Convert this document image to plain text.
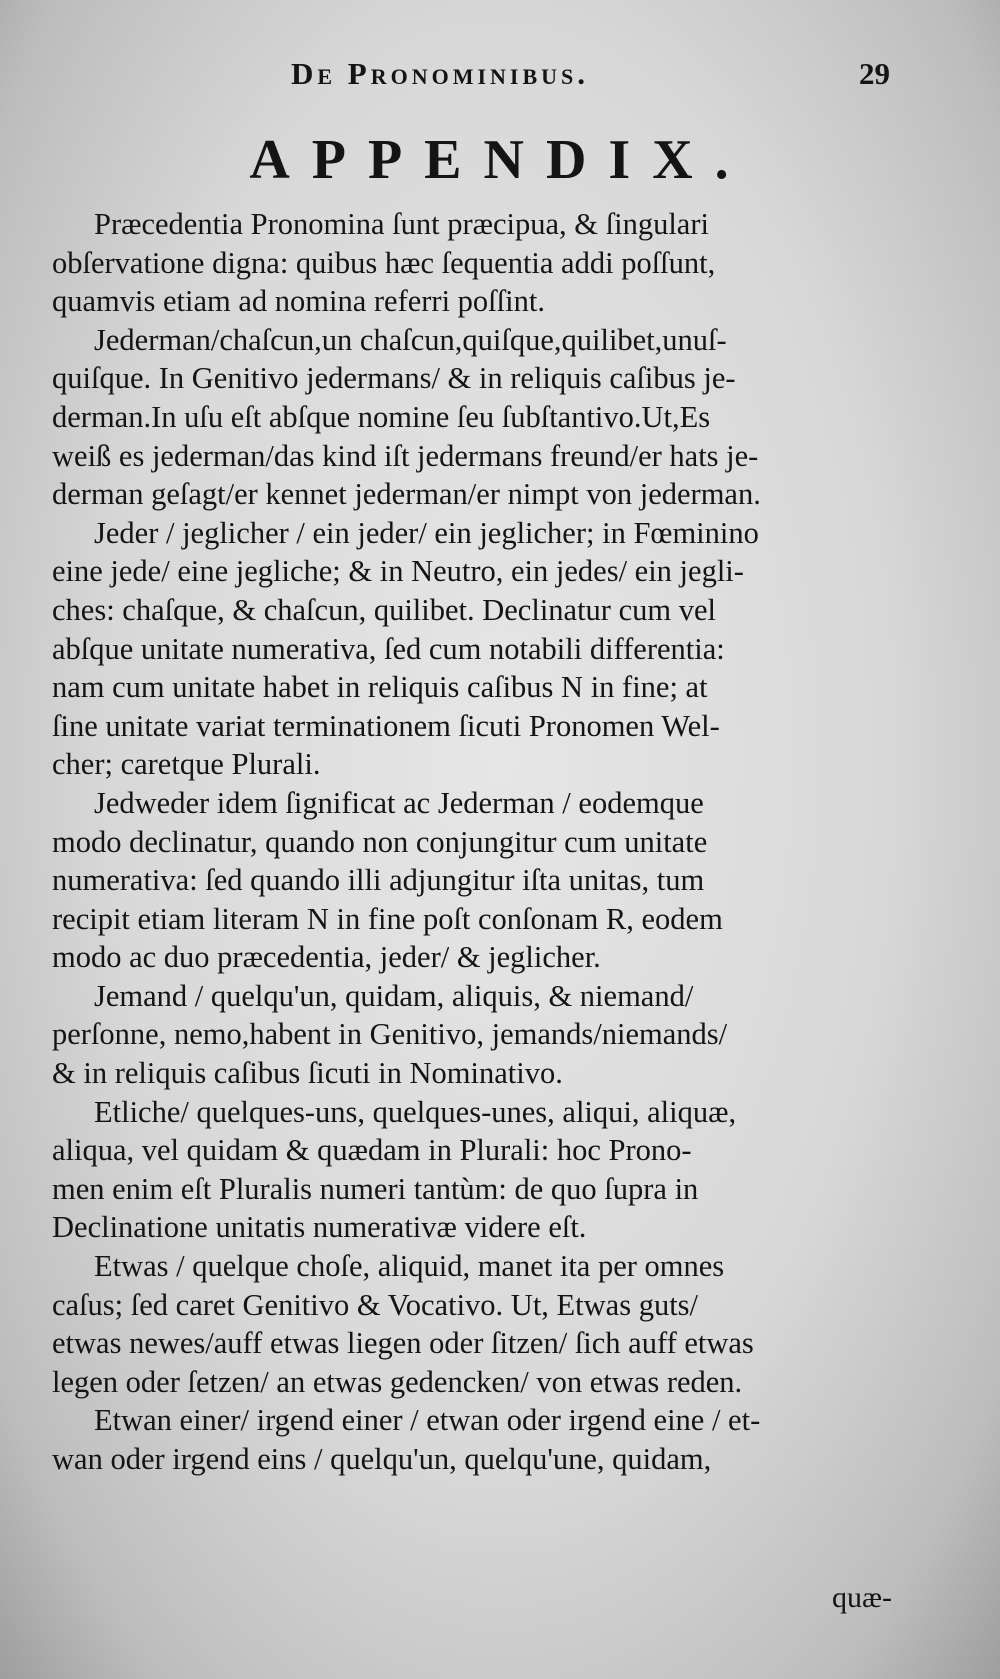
De Pronominibus.	29
APPENDIX.
Præcedentia Pronomina ſunt præcipua, & ſingulari
obſervatione digna: quibus hæc ſequentia addi poſſunt,
quamvis etiam ad nomina referri poſſint.
Jederman/chaſcun,un chaſcun,quiſque,quilibet,unuſ-
quiſque. In Genitivo jedermans/ & in reliquis caſibus je-
derman.In uſu eſt abſque nomine ſeu ſubſtantivo.Ut,Es
weiß es jederman/das kind iſt jedermans freund/er hats je-
derman geſagt/er kennet jederman/er nimpt von jederman.
Jeder / jeglicher / ein jeder/ ein jeglicher; in Fœminino
eine jede/ eine jegliche; & in Neutro, ein jedes/ ein jegli-
ches: chaſque, & chaſcun, quilibet. Declinatur cum vel
abſque unitate numerativa, ſed cum notabili differentia:
nam cum unitate habet in reliquis caſibus N in fine; at
ſine unitate variat terminationem ſicuti Pronomen Wel-
cher; caretque Plurali.
Jedweder idem ſignificat ac Jederman / eodemque
modo declinatur, quando non conjungitur cum unitate
numerativa: ſed quando illi adjungitur iſta unitas, tum
recipit etiam literam N in fine poſt conſonam R, eodem
modo ac duo præcedentia, jeder/ & jeglicher.
Jemand / quelqu'un, quidam, aliquis, & niemand/
perſonne, nemo,habent in Genitivo, jemands/niemands/
& in reliquis caſibus ſicuti in Nominativo.
Etliche/ quelques-uns, quelques-unes, aliqui, aliquæ,
aliqua, vel quidam & quædam in Plurali: hoc Prono-
men enim eſt Pluralis numeri tantùm: de quo ſupra in
Declinatione unitatis numerativæ videre eſt.
Etwas / quelque choſe, aliquid, manet ita per omnes
caſus; ſed caret Genitivo & Vocativo. Ut, Etwas guts/
etwas newes/auff etwas liegen oder ſitzen/ ſich auff etwas
legen oder ſetzen/ an etwas gedencken/ von etwas reden.
Etwan einer/ irgend einer / etwan oder irgend eine / et-
wan oder irgend eins / quelqu'un, quelqu'une, quidam,
quæ-
